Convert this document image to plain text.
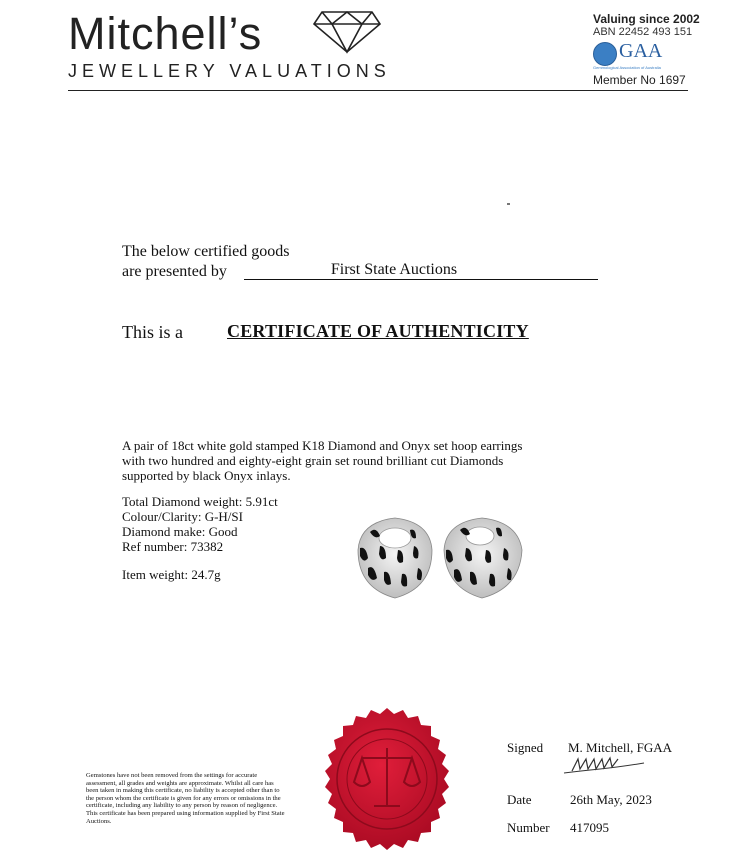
Mitchell’s
JEWELLERY VALUATIONS
Valuing since 2002
ABN 22452 493 151
GAA
Gemmological Association of Australia
Member No 1697
The below certified goods
are presented by	First State Auctions
This is a CERTIFICATE OF AUTHENTICITY
A pair of 18ct white gold stamped K18 Diamond and Onyx set hoop earrings
with two hundred and eighty-eight grain set round brilliant cut Diamonds
supported by black Onyx inlays.
Total Diamond weight: 5.91ct
Colour/Clarity: G-H/SI
Diamond make: Good
Ref number: 73382
Item weight: 24.7g
Signed M. Mitchell, FGAA
Date	26th May, 2023
Number 417095
Gemstones have not been removed from the settings for accurate assessment, all grades and weights are approximate. Whilst all care has been taken in making this certificate, no liability is accepted other than to the person whom the certificate is given for any errors or omissions in the certificate, including any liability to any person by reason of negligence. This certificate has been prepared using information supplied by First State Auctions.
